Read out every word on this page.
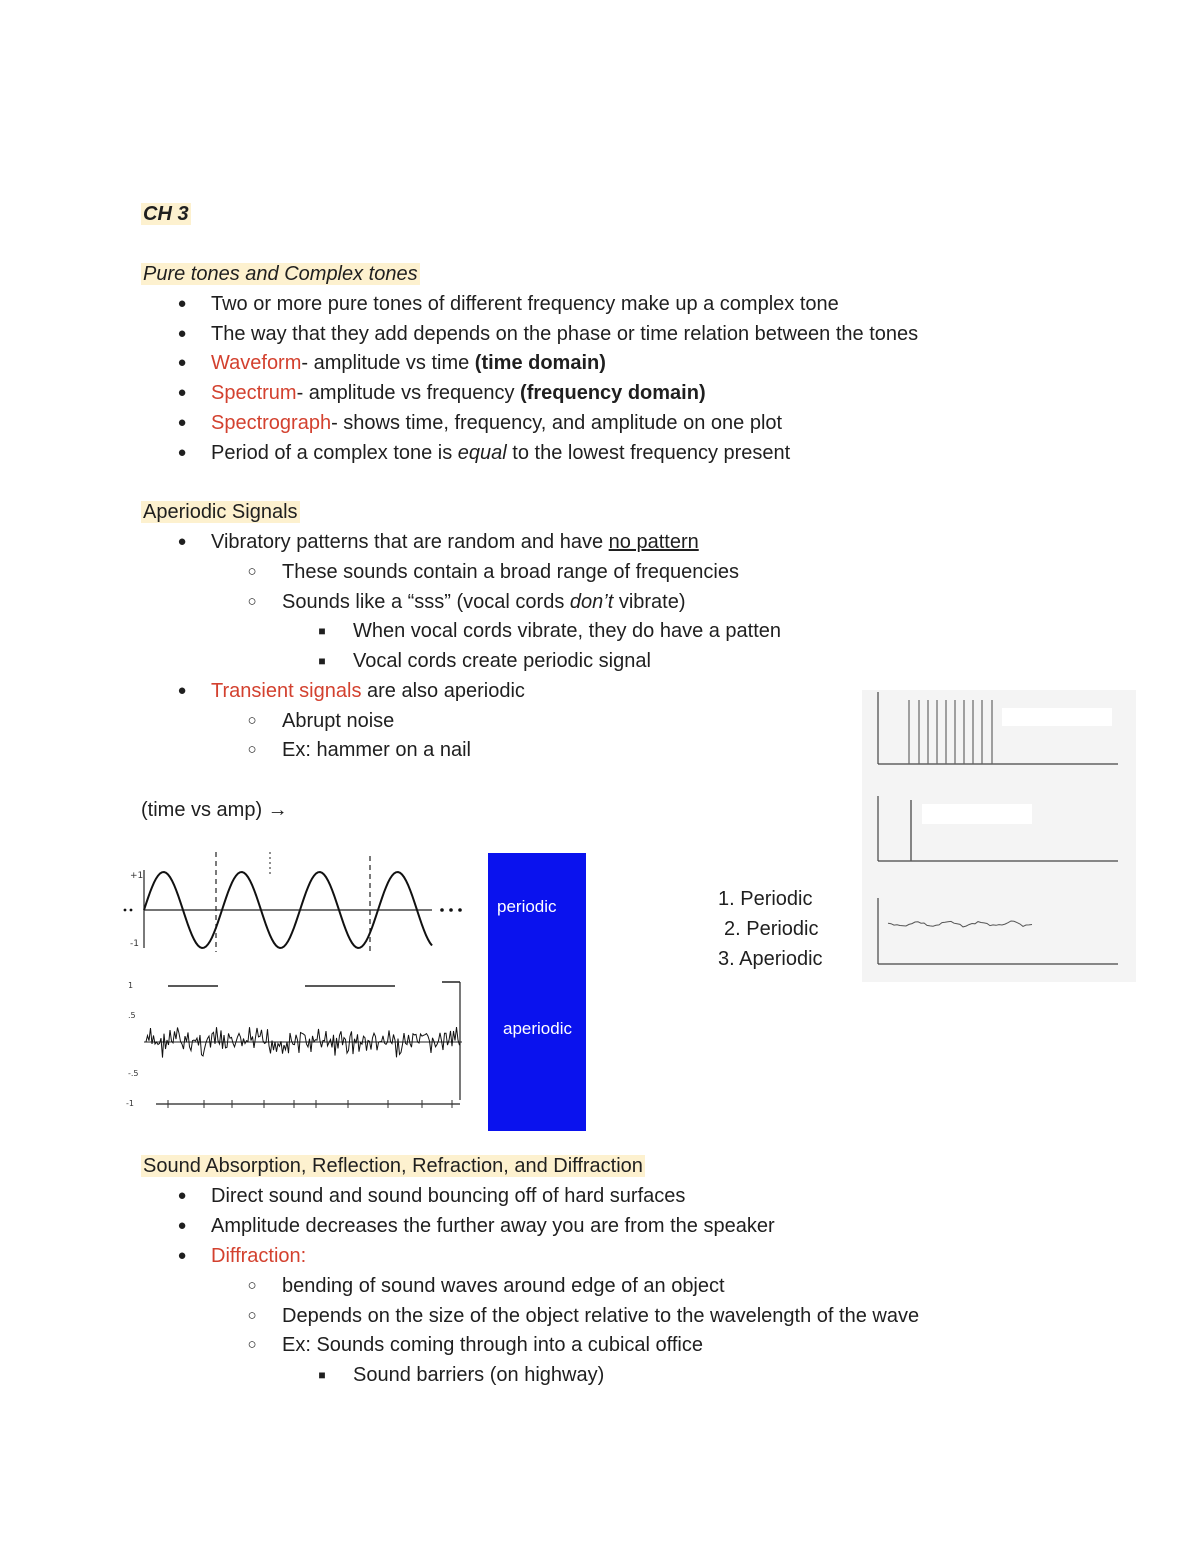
CH 3
Pure tones and Complex tones
● Two or more pure tones of different frequency make up a complex tone
● The way that they add depends on the phase or time relation between the tones
● Waveform- amplitude vs time (time domain)
● Spectrum- amplitude vs frequency (frequency domain)
● Spectrograph- shows time, frequency, and amplitude on one plot
● Period of a complex tone is equal to the lowest frequency present
Aperiodic Signals
● Vibratory patterns that are random and have no pattern
○ These sounds contain a broad range of frequencies
○ Sounds like a “sss” (vocal cords don’t vibrate)
■ When vocal cords vibrate, they do have a patten
■ Vocal cords create periodic signal
● Transient signals are also aperiodic
○ Abrupt noise
○ Ex: hammer on a nail
(time vs amp) →
+1
-1
1
.5
-.5
-1
periodic
aperiodic
1. Periodic
2. Periodic
3. Aperiodic
Sound Absorption, Reflection, Refraction, and Diffraction
● Direct sound and sound bouncing off of hard surfaces
● Amplitude decreases the further away you are from the speaker
● Diffraction:
○ bending of sound waves around edge of an object
○ Depends on the size of the object relative to the wavelength of the wave
○ Ex: Sounds coming through into a cubical office
■ Sound barriers (on highway)
